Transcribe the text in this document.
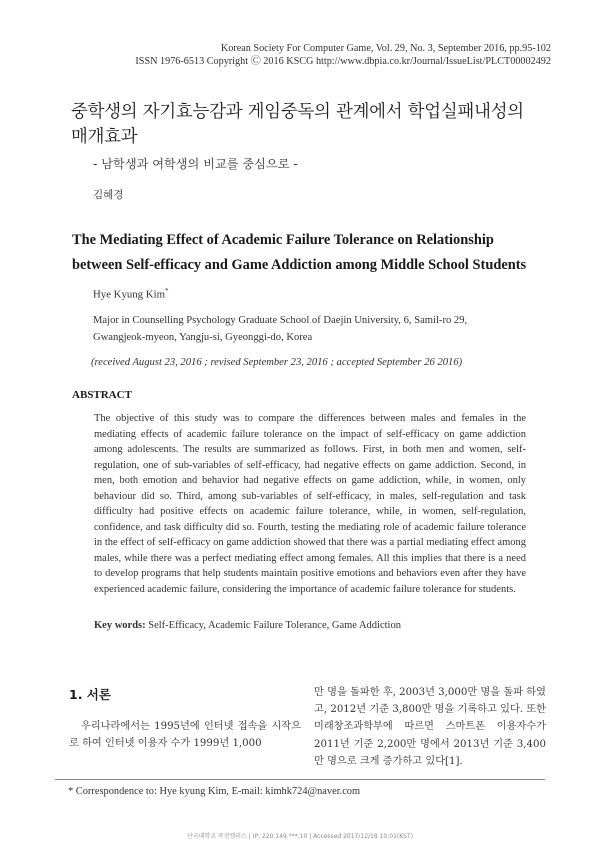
Korean Society For Computer Game, Vol. 29, No. 3, September 2016, pp.95-102
ISSN 1976-6513 Copyright Ⓒ 2016 KSCG http://www.dbpia.co.kr/Journal/IssueList/PLCT00002492
중학생의 자기효능감과 게임중독의 관계에서 학업실패내성의 매개효과
- 남학생과 여학생의 비교를 중심으로 -
김혜경
The Mediating Effect of Academic Failure Tolerance on Relationship between Self-efficacy and Game Addiction among Middle School Students
Hye Kyung Kim*
Major in Counselling Psychology Graduate School of Daejin University, 6, Samil-ro 29,
Gwangjeok-myeon, Yangju-si, Gyeonggi-do, Korea
(received August 23, 2016 ; revised September 23, 2016 ; accepted September 26 2016)
ABSTRACT
The objective of this study was to compare the differences between males and females in the mediating effects of academic failure tolerance on the impact of self-efficacy on game addiction among adolescents. The results are summarized as follows. First, in both men and women, self-regulation, one of sub-variables of self-efficacy, had negative effects on game addiction. Second, in men, both emotion and behavior had negative effects on game addiction, while, in women, only behaviour did so. Third, among sub-variables of self-efficacy, in males, self-regulation and task difficulty had positive effects on academic failure tolerance, while, in women, self-regulation, confidence, and task difficulty did so. Fourth, testing the mediating role of academic failure tolerance in the effect of self-efficacy on game addiction showed that there was a partial mediating effect among males, while there was a perfect mediating effect among females. All this implies that there is a need to develop programs that help students maintain positive emotions and behaviors even after they have experienced academic failure, considering the importance of academic failure tolerance for students.
Key words: Self-Efficacy, Academic Failure Tolerance, Game Addiction
1. 서론
우리나라에서는 1995년에 인터넷 접속을 시작으로 하여 인터넷 이용자 수가 1999년 1,000
만 명을 돌파한 후, 2003년 3,000만 명을 돌파 하였고, 2012년 기준 3,800만 명을 기록하고 있다. 또한 미래창조과학부에 따르면 스마트폰 이용자수가 2011년 기준 2,200만 명에서 2013년 기준 3,400만 명으로 크게 증가하고 있다[1].
* Correspondence to: Hye kyung Kim, E-mail: kimhk724@naver.com
단국대학교 죽전캠퍼스 | IP: 220.149.***.10 | Accessed 2017/12/18 10:01(KST)
